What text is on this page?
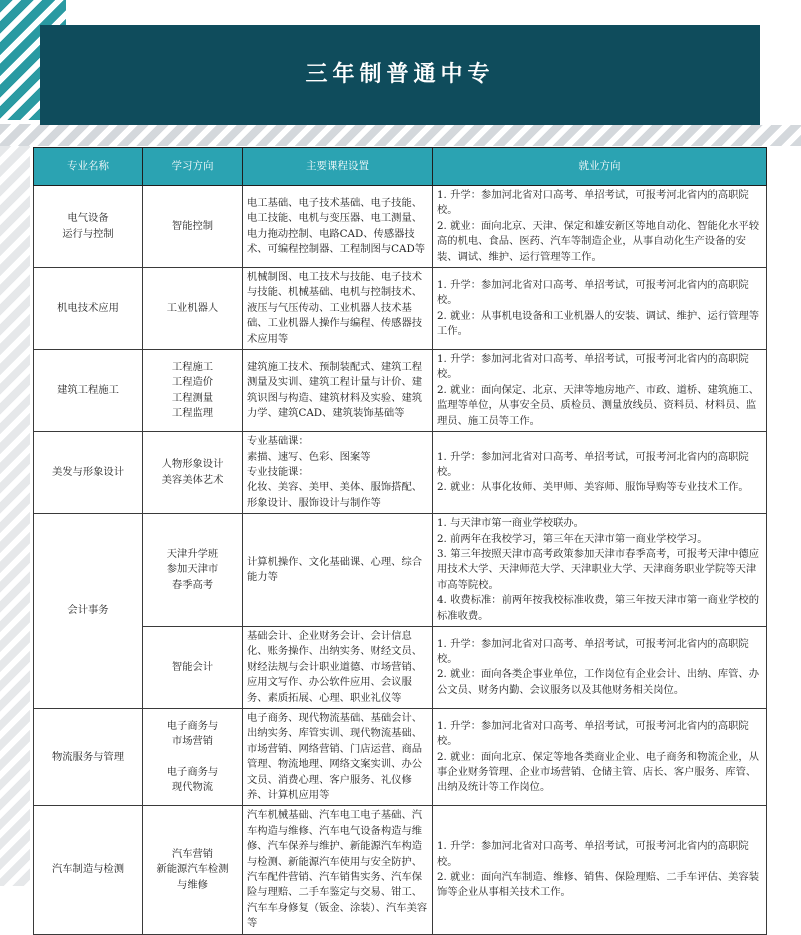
三年制普通中专
专业名称	学习方向	主要课程设置	就业方向

电气设备
运行与控制	智能控制	电工基础、电子技术基础、电子技能、电工技能、电机与变压器、电工测量、电力拖动控制、电路CAD、传感器技术、可编程控制器、工程制图与CAD等	1. 升学：参加河北省对口高考、单招考试，可报考河北省内的高职院校。
2. 就业：面向北京、天津、保定和雄安新区等地自动化、智能化水平较高的机电、食品、医药、汽车等制造企业，从事自动化生产设备的安装、调试、维护、运行管理等工作。

机电技术应用	工业机器人	机械制图、电工技术与技能、电子技术与技能、机械基础、电机与控制技术、液压与气压传动、工业机器人技术基础、工业机器人操作与编程、传感器技术应用等	1. 升学：参加河北省对口高考、单招考试，可报考河北省内的高职院校。
2. 就业：从事机电设备和工业机器人的安装、调试、维护、运行管理等工作。

建筑工程施工	工程施工
工程造价
工程测量
工程监理	建筑施工技术、预制装配式、建筑工程测量及实训、建筑工程计量与计价、建筑识图与构造、建筑材料及实验、建筑力学、建筑CAD、建筑装饰基础等	1. 升学：参加河北省对口高考、单招考试，可报考河北省内的高职院校。
2. 就业：面向保定、北京、天津等地房地产、市政、道桥、建筑施工、监理等单位，从事安全员、质检员、测量放线员、资料员、材料员、监理员、施工员等工作。

美发与形象设计	人物形象设计
美容美体艺术	专业基础课：
素描、速写、色彩、图案等
专业技能课：
化妆、美容、美甲、美体、服饰搭配、形象设计、服饰设计与制作等	1. 升学：参加河北省对口高考、单招考试，可报考河北省内的高职院校。
2. 就业：从事化妆师、美甲师、美容师、服饰导购等专业技术工作。

会计事务	天津升学班
参加天津市
春季高考	计算机操作、文化基础课、心理、综合能力等	1. 与天津市第一商业学校联办。
2. 前两年在我校学习，第三年在天津市第一商业学校学习。
3. 第三年按照天津市高考政策参加天津市春季高考，可报考天津中德应用技术大学、天津师范大学、天津职业大学、天津商务职业学院等天津市高等院校。
4. 收费标准：前两年按我校标准收费，第三年按天津市第一商业学校的标准收费。

	智能会计	基础会计、企业财务会计、会计信息化、账务操作、出纳实务、财经文员、财经法规与会计职业道德、市场营销、应用文写作、办公软件应用、会议服务、素质拓展、心理、职业礼仪等	1. 升学：参加河北省对口高考、单招考试，可报考河北省内的高职院校。
2. 就业：面向各类企事业单位，工作岗位有企业会计、出纳、库管、办公文员、财务内勤、会议服务以及其他财务相关岗位。

物流服务与管理	电子商务与
市场营销

电子商务与
现代物流	电子商务、现代物流基础、基础会计、出纳实务、库管实训、现代物流基础、市场营销、网络营销、门店运营、商品管理、物流地理、网络文案实训、办公文员、消费心理、客户服务、礼仪修养、计算机应用等	1. 升学：参加河北省对口高考、单招考试，可报考河北省内的高职院校。
2. 就业：面向北京、保定等地各类商业企业、电子商务和物流企业，从事企业财务管理、企业市场营销、仓储主管、店长、客户服务、库管、出纳及统计等工作岗位。

汽车制造与检测	汽车营销
新能源汽车检测
与维修	汽车机械基础、汽车电工电子基础、汽车构造与维修、汽车电气设备构造与维修、汽车保养与维护、新能源汽车构造与检测、新能源汽车使用与安全防护、汽车配件营销、汽车销售实务、汽车保险与理赔、二手车鉴定与交易、钳工、汽车车身修复（钣金、涂装）、汽车美容等	1. 升学：参加河北省对口高考、单招考试，可报考河北省内的高职院校。
2. 就业：面向汽车制造、维修、销售、保险理赔、二手车评估、美容装饰等企业从事相关技术工作。
